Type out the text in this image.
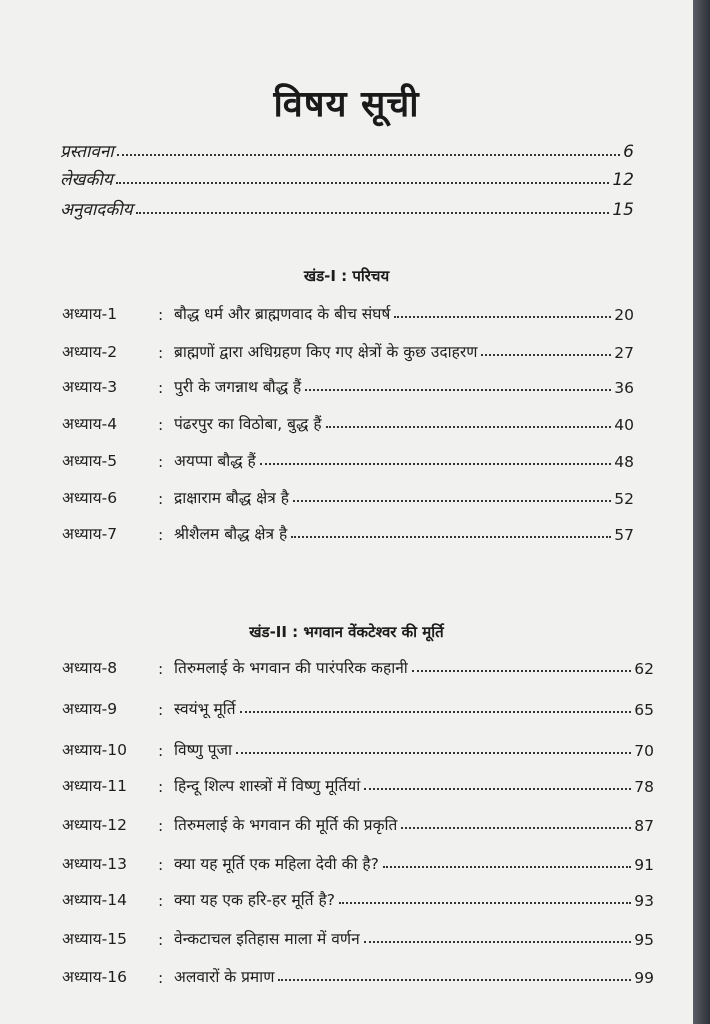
विषय सूची
प्रस्तावना	6
लेखकीय	12
अनुवादकीय	15
खंड-I : परिचय
अध्याय-1	: बौद्ध धर्म और ब्राह्मणवाद के बीच संघर्ष	20
अध्याय-2	: ब्राह्मणों द्वारा अधिग्रहण किए गए क्षेत्रों के कुछ उदाहरण	27
अध्याय-3	: पुरी के जगन्नाथ बौद्ध हैं	36
अध्याय-4	: पंढरपुर का विठोबा, बुद्ध हैं	40
अध्याय-5	: अयप्पा बौद्ध हैं	48
अध्याय-6	: द्राक्षाराम बौद्ध क्षेत्र है	52
अध्याय-7	: श्रीशैलम बौद्ध क्षेत्र है	57
खंड-II : भगवान वेंकटेश्वर की मूर्ति
अध्याय-8	: तिरुमलाई के भगवान की पारंपरिक कहानी	62
अध्याय-9	: स्वयंभू मूर्ति	65
अध्याय-10	: विष्णु पूजा	70
अध्याय-11	: हिन्दू शिल्प शास्त्रों में विष्णु मूर्तियां	78
अध्याय-12	: तिरुमलाई के भगवान की मूर्ति की प्रकृति	87
अध्याय-13	: क्या यह मूर्ति एक महिला देवी की है?	91
अध्याय-14	: क्या यह एक हरि-हर मूर्ति है?	93
अध्याय-15	: वेन्कटाचल इतिहास माला में वर्णन	95
अध्याय-16	: अलवारों के प्रमाण	99
